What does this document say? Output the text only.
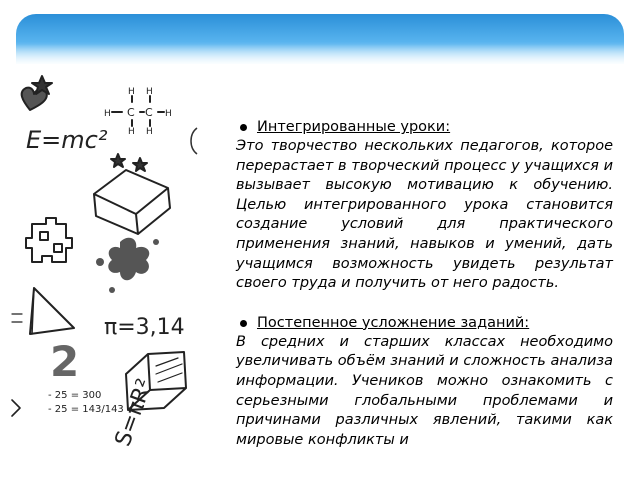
E=mc²
H H
H C C H
H H
π=3,14
2
- 25 = 300
- 25 = 143/143
S=πR²
Интегрированные уроки:

Это творчество нескольких педагогов, которое перерастает в творческий процесс у учащихся и вызывает высокую мотивацию к обучению. Целью интегрированного урока становится создание условий для практического применения знаний, навыков и умений, дать учащимся возможность увидеть результат своего труда и получить от него радость.

Постепенное усложнение заданий:

В средних и старших классах необходимо увеличивать объём знаний и сложность анализа информации. Учеников можно ознакомить с серьезными глобальными проблемами и причинами различных явлений, такими как мировые конфликты и
